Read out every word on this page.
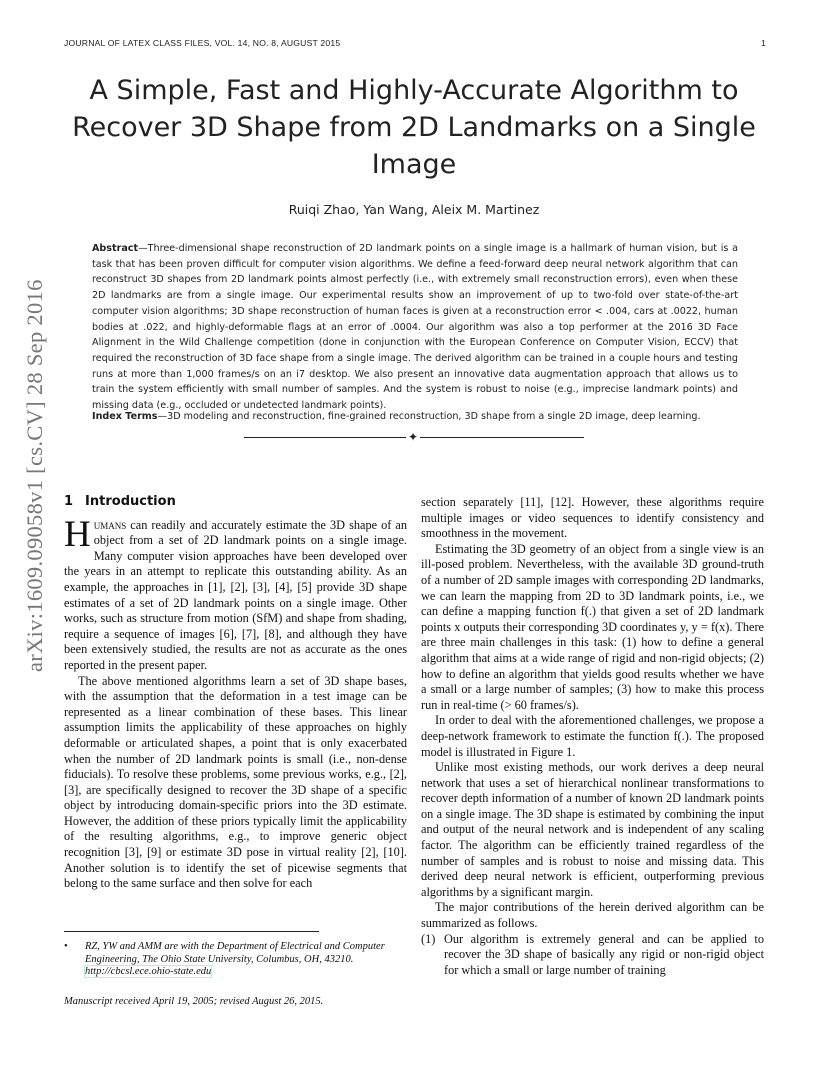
JOURNAL OF LATEX CLASS FILES, VOL. 14, NO. 8, AUGUST 2015	1
A Simple, Fast and Highly-Accurate Algorithm to Recover 3D Shape from 2D Landmarks on a Single Image
Ruiqi Zhao, Yan Wang, Aleix M. Martinez
Abstract—Three-dimensional shape reconstruction of 2D landmark points on a single image is a hallmark of human vision, but is a task that has been proven difficult for computer vision algorithms. We define a feed-forward deep neural network algorithm that can reconstruct 3D shapes from 2D landmark points almost perfectly (i.e., with extremely small reconstruction errors), even when these 2D landmarks are from a single image. Our experimental results show an improvement of up to two-fold over state-of-the-art computer vision algorithms; 3D shape reconstruction of human faces is given at a reconstruction error < .004, cars at .0022, human bodies at .022, and highly-deformable flags at an error of .0004. Our algorithm was also a top performer at the 2016 3D Face Alignment in the Wild Challenge competition (done in conjunction with the European Conference on Computer Vision, ECCV) that required the reconstruction of 3D face shape from a single image. The derived algorithm can be trained in a couple hours and testing runs at more than 1,000 frames/s on an i7 desktop. We also present an innovative data augmentation approach that allows us to train the system efficiently with small number of samples. And the system is robust to noise (e.g., imprecise landmark points) and missing data (e.g., occluded or undetected landmark points).
Index Terms—3D modeling and reconstruction, fine-grained reconstruction, 3D shape from a single 2D image, deep learning.
✦
arXiv:1609.09058v1 [cs.CV] 28 Sep 2016 1 Introduction

Humans can readily and accurately estimate the 3D shape of an object from a set of 2D landmark points on a single image. Many computer vision approaches have been developed over the years in an attempt to replicate this outstanding ability. As an example, the approaches in [1], [2], [3], [4], [5] provide 3D shape estimates of a set of 2D landmark points on a single image. Other works, such as structure from motion (SfM) and shape from shading, require a sequence of images [6], [7], [8], and although they have been extensively studied, the results are not as accurate as the ones reported in the present paper.

The above mentioned algorithms learn a set of 3D shape bases, with the assumption that the deformation in a test image can be represented as a linear combination of these bases. This linear assumption limits the applicability of these approaches on highly deformable or articulated shapes, a point that is only exacerbated when the number of 2D landmark points is small (i.e., non-dense fiducials). To resolve these problems, some previous works, e.g., [2], [3], are specifically designed to recover the 3D shape of a specific object by introducing domain-specific priors into the 3D estimate. However, the addition of these priors typically limit the applicability of the resulting algorithms, e.g., to improve generic object recognition [3], [9] or estimate 3D pose in virtual reality [2], [10]. Another solution is to identify the set of picewise segments that belong to the same surface and then solve for each

• RZ, YW and AMM are with the Department of Electrical and Computer Engineering, The Ohio State University, Columbus, OH, 43210.
http://cbcsl.ece.ohio-state.edu
Manuscript received April 19, 2005; revised August 26, 2015.

section separately [11], [12]. However, these algorithms require multiple images or video sequences to identify consistency and smoothness in the movement.

Estimating the 3D geometry of an object from a single view is an ill-posed problem. Nevertheless, with the available 3D ground-truth of a number of 2D sample images with corresponding 2D landmarks, we can learn the mapping from 2D to 3D landmark points, i.e., we can define a mapping function f(.) that given a set of 2D landmark points x outputs their corresponding 3D coordinates y, y = f(x). There are three main challenges in this task: (1) how to define a general algorithm that aims at a wide range of rigid and non-rigid objects; (2) how to define an algorithm that yields good results whether we have a small or a large number of samples; (3) how to make this process run in real-time (> 60 frames/s).

In order to deal with the aforementioned challenges, we propose a deep-network framework to estimate the function f(.). The proposed model is illustrated in Figure 1.

Unlike most existing methods, our work derives a deep neural network that uses a set of hierarchical nonlinear transformations to recover depth information of a number of known 2D landmark points on a single image. The 3D shape is estimated by combining the input and output of the neural network and is independent of any scaling factor. The algorithm can be efficiently trained regardless of the number of samples and is robust to noise and missing data. This derived deep neural network is efficient, outperforming previous algorithms by a significant margin.

The major contributions of the herein derived algorithm can be summarized as follows.

(1) Our algorithm is extremely general and can be applied to recover the 3D shape of basically any rigid or non-rigid object for which a small or large number of training
